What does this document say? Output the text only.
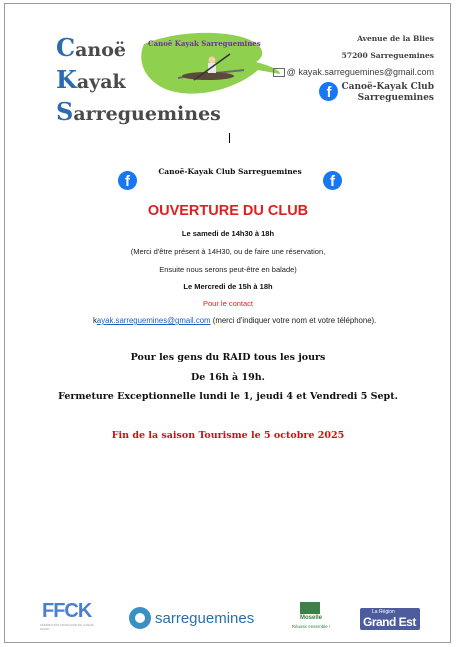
Canoë
Kayak
Sarreguemines
Canoë Kayak Sarreguemines
Avenue de la Blies
57200 Sarreguemines
@ kayak.sarreguemines@gmail.com
f	Canoë-Kayak Club
Sarreguemines
f
Canoë-Kayak Club Sarreguemines
f
OUVERTURE DU CLUB
Le samedi de 14h30 à 18h
(Merci d'être présent à 14H30, ou de faire une réservation,
Ensuite nous serons peut-être en balade)
Le Mercredi de 15h à 18h
Pour le contact
kayak.sarreguemines@gmail.com (merci d'indiquer votre nom et votre téléphone).
Pour les gens du RAID tous les jours
De 16h à 19h.
Fermeture Exceptionnelle lundi le 1, jeudi 4 et Vendredi 5 Sept.
Fin de la saison Tourisme le 5 octobre 2025
FFCK
FÉDÉRATION FRANÇAISE DE CANOË KAYAK
sarreguemines	Moselle
Réussir ensemble !
La Région
Grand Est
